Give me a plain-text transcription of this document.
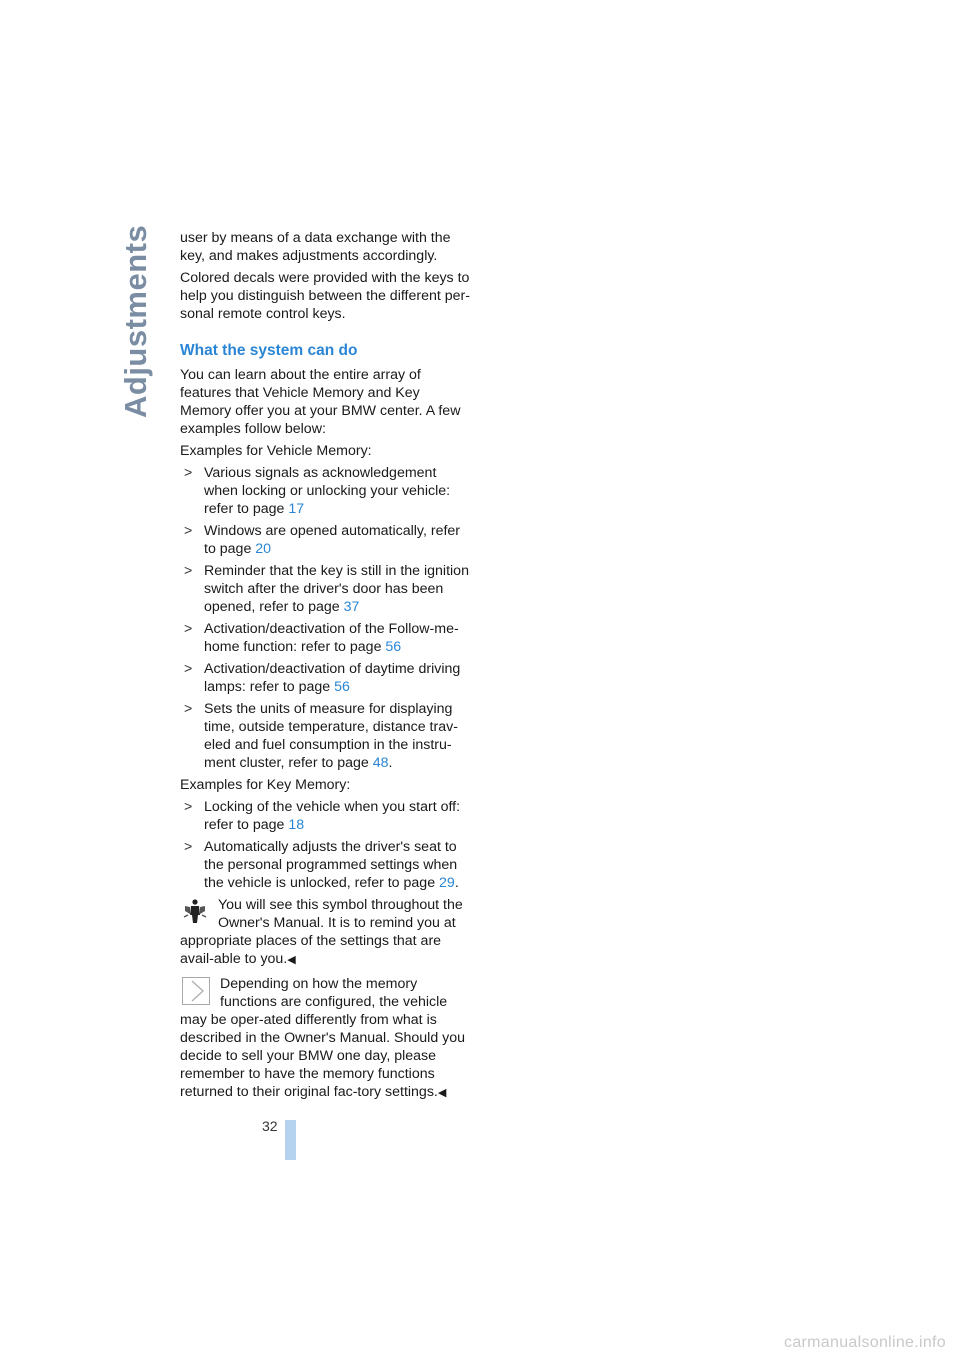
Adjustments user by means of a data exchange with the key, and makes adjustments accordingly.

Colored decals were provided with the keys to help you distinguish between the different per-sonal remote control keys.

What the system can do

You can learn about the entire array of features that Vehicle Memory and Key Memory offer you at your BMW center. A few examples follow below:

Examples for Vehicle Memory:

> Various signals as acknowledgement when locking or unlocking your vehicle: refer to page 17
> Windows are opened automatically, refer to page 20
> Reminder that the key is still in the ignition switch after the driver's door has been opened, refer to page 37
> Activation/deactivation of the Follow-me-home function: refer to page 56
> Activation/deactivation of daytime driving lamps: refer to page 56
> Sets the units of measure for displaying time, outside temperature, distance trav-eled and fuel consumption in the instru-ment cluster, refer to page 48.

Examples for Key Memory:

> Locking of the vehicle when you start off: refer to page 18
> Automatically adjusts the driver's seat to the personal programmed settings when the vehicle is unlocked, refer to page 29.
You will see this symbol throughout the Owner's Manual. It is to remind you at appropriate places of the settings that are avail-able to you.◀
Depending on how the memory functions are configured, the vehicle may be oper-ated differently from what is described in the Owner's Manual. Should you decide to sell your BMW one day, please remember to have the memory functions returned to their original fac-tory settings.◀
32
carmanualsonline.info
